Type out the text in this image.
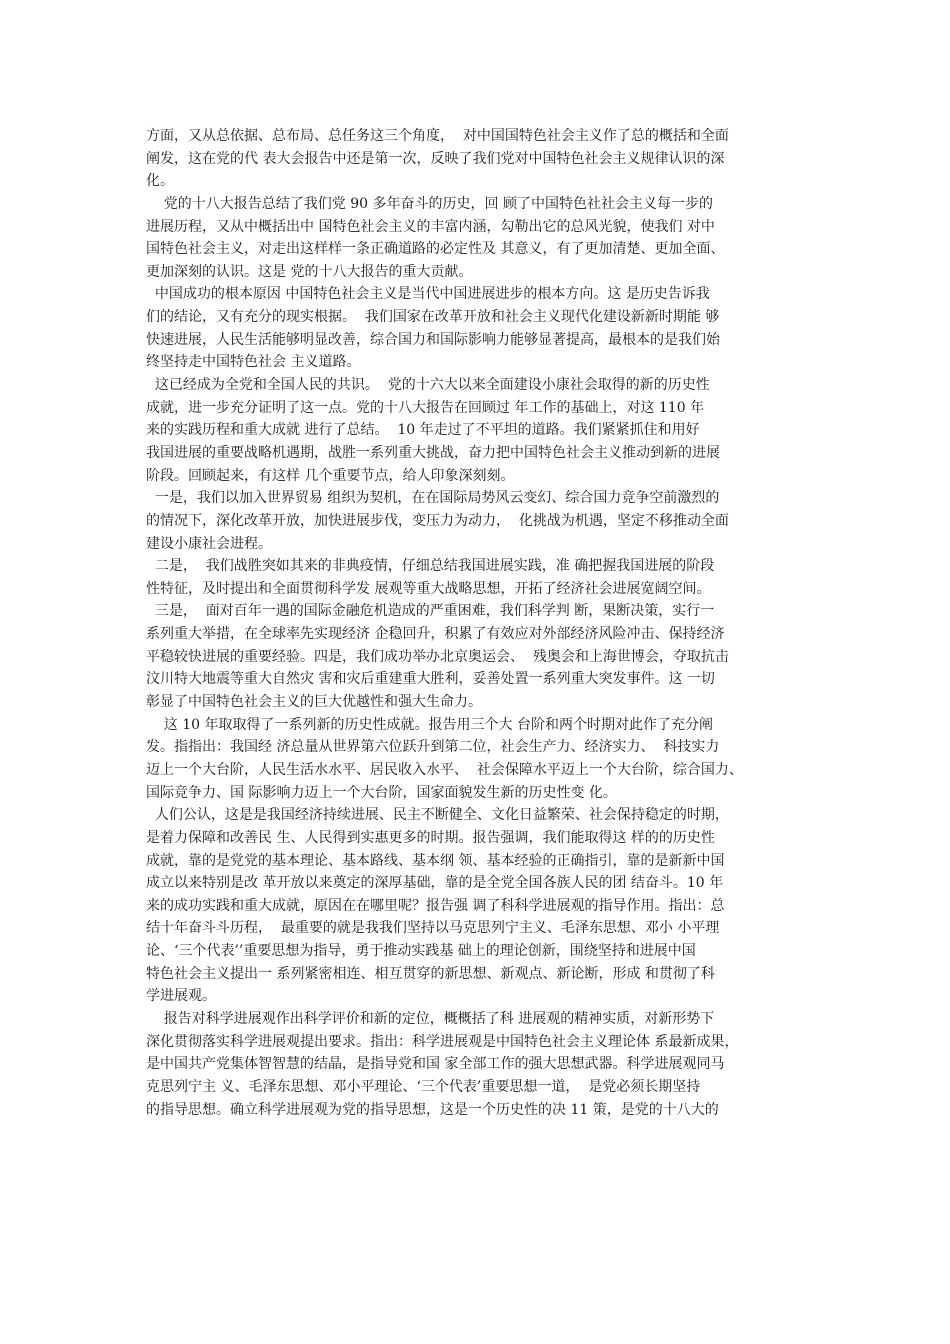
方面，又从总依据、总布局、总任务这三个角度，  对中国国特色社会主义作了总的概括和全面
阐发，这在党的代 表大会报告中还是第一次，反映了我们党对中国特色社会主义规律认识的深
化。
党的十八大报告总结了我们党 90 多年奋斗的历史，回 顾了中国特色社社会主义每一步的
进展历程，又从中概括出中 国特色社会主义的丰富内涵，勾勒出它的总风光貌，使我们 对中
国特色社会主义，对走出这样样一条正确道路的必定性及 其意义，有了更加清楚、更加全面、
更加深刻的认识。这是 党的十八大报告的重大贡献。
中国成功的根本原因 中国特色社会主义是当代中国进展进步的根本方向。这 是历史告诉我
们的结论，又有充分的现实根据。  我们国家在改革开放和社会主义现代化建设新新时期能 够
快速进展，人民生活能够明显改善，综合国力和国际影响力能够显著提高，最根本的是我们始
终坚持走中国特色社会 主义道路。
这已经成为全党和全国人民的共识。  党的十六大以来全面建设小康社会取得的新的历史性
成就，进一步充分证明了这一点。党的十八大报告在回顾过 年工作的基础上，对这 110 年
来的实践历程和重大成就 进行了总结。  10 年走过了不平坦的道路。我们紧紧抓住和用好
我国进展的重要战略机遇期，战胜一系列重大挑战，奋力把中国特色社会主义推动到新的进展
阶段。回顾起来，有这样 几个重要节点，给人印象深刻刻。
一是，我们以加入世界贸易 组织为契机，在在国际局势风云变幻、综合国力竞争空前激烈的
的情况下，深化改革开放，加快进展步伐，变压力为动力，  化挑战为机遇，坚定不移推动全面
建设小康社会进程。
二是，  我们战胜突如其来的非典疫情，仔细总结我国进展实践，准 确把握我国进展的阶段
性特征，及时提出和全面贯彻科学发 展观等重大战略思想，开拓了经济社会进展宽阔空间。
三是，  面对百年一遇的国际金融危机造成的严重困难，我们科学判 断，果断决策，实行一
系列重大举措，在全球率先实现经济 企稳回升，积累了有效应对外部经济风险冲击、保持经济
平稳较快进展的重要经验。四是，我们成功举办北京奥运会、  残奥会和上海世博会，夺取抗击
汶川特大地震等重大自然灾 害和灾后重建重大胜利，妥善处置一系列重大突发事件。这 一切
彰显了中国特色社会主义的巨大优越性和强大生命力。
这 10 年取取得了一系列新的历史性成就。报告用三个大 台阶和两个时期对此作了充分阐
发。指指出：我国经 济总量从世界第六位跃升到第二位，社会生产力、经济实力、  科技实力
迈上一个大台阶，人民生活水水平、居民收入水平、  社会保障水平迈上一个大台阶，综合国力、
国际竞争力、国 际影响力迈上一个大台阶，国家面貌发生新的历史性变 化。
人们公认，这是是我国经济持续进展、民主不断健全、文化日益繁荣、社会保持稳定的时期，
是着力保障和改善民 生、人民得到实惠更多的时期。报告强调，我们能取得这 样的的历史性
成就，靠的是党党的基本理论、基本路线、基本纲 领、基本经验的正确指引，靠的是新新中国
成立以来特别是改 革开放以来奠定的深厚基础，靠的是全党全国各族人民的团 结奋斗。10 年
来的成功实践和重大成就，原因在在哪里呢？报告强 调了科科学进展观的指导作用。指出：总
结十年奋斗斗历程，  最重要的就是我我们坚持以马克思列宁主义、毛泽东思想、邓小 小平理
论、‘三个代表’’重要思想为指导，勇于推动实践基 础上的理论创新，围绕坚持和进展中国
特色社会主义提出一 系列紧密相连、相互贯穿的新思想、新观点、新论断，形成 和贯彻了科
学进展观。
报告对科学进展观作出科学评价和新的定位，概概括了科 进展观的精神实质，对新形势下
深化贯彻落实科学进展观提出要求。指出：科学进展观是中国特色社会主义理论体 系最新成果，
是中国共产党集体智智慧的结晶，是指导党和国 家全部工作的强大思想武器。科学进展观同马
克思列宁主 义、毛泽东思想、邓小平理论、‘三个代表’重要思想一道，  是党必须长期坚持
的指导思想。确立科学进展观为党的指导思想，这是一个历史性的决 11 策，是党的十八大的
